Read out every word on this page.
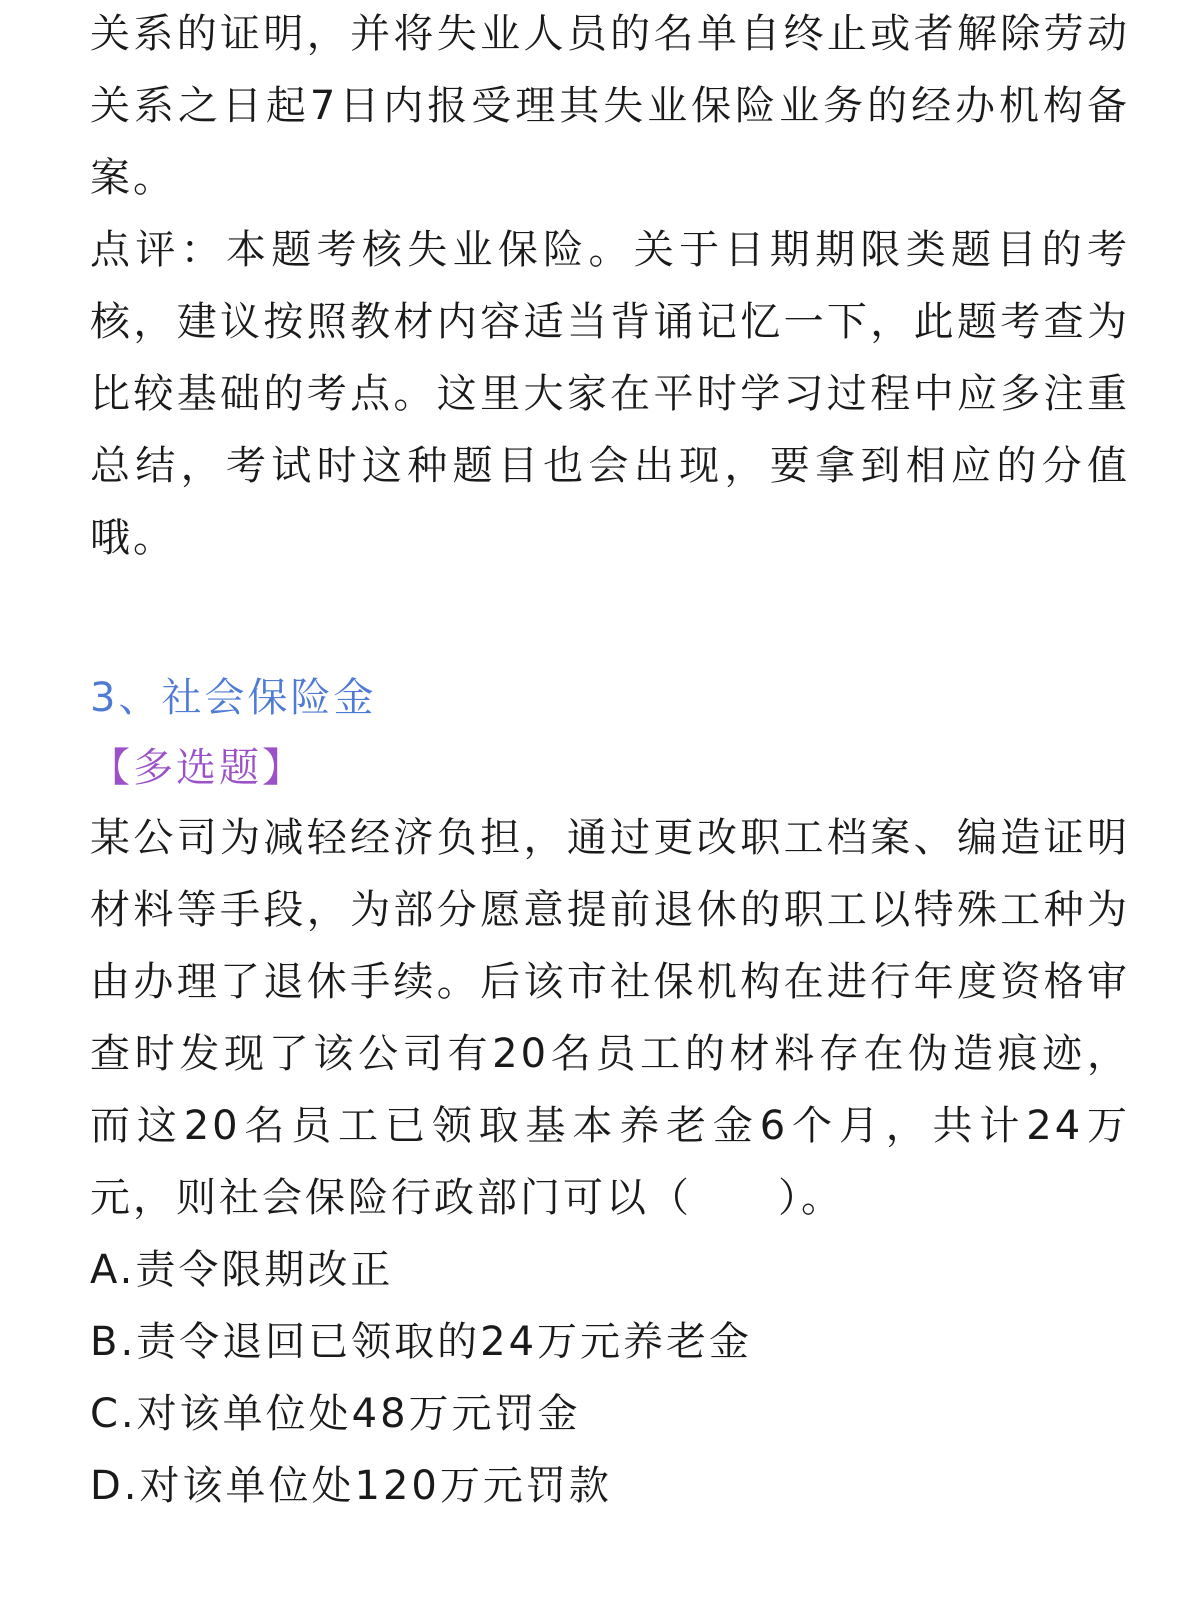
关系的证明，并将失业人员的名单自终止或者解除劳动关系之日起7日内报受理其失业保险业务的经办机构备案。

点评：本题考核失业保险。关于日期期限类题目的考核，建议按照教材内容适当背诵记忆一下，此题考查为比较基础的考点。这里大家在平时学习过程中应多注重总结，考试时这种题目也会出现，要拿到相应的分值哦。

3、社会保险金
【多选题】

某公司为减轻经济负担，通过更改职工档案、编造证明材料等手段，为部分愿意提前退休的职工以特殊工种为由办理了退休手续。后该市社保机构在进行年度资格审查时发现了该公司有20名员工的材料存在伪造痕迹，而这20名员工已领取基本养老金6个月，共计24万元，则社会保险行政部门可以（　　）。

A.责令限期改正
B.责令退回已领取的24万元养老金
C.对该单位处48万元罚金
D.对该单位处120万元罚款
